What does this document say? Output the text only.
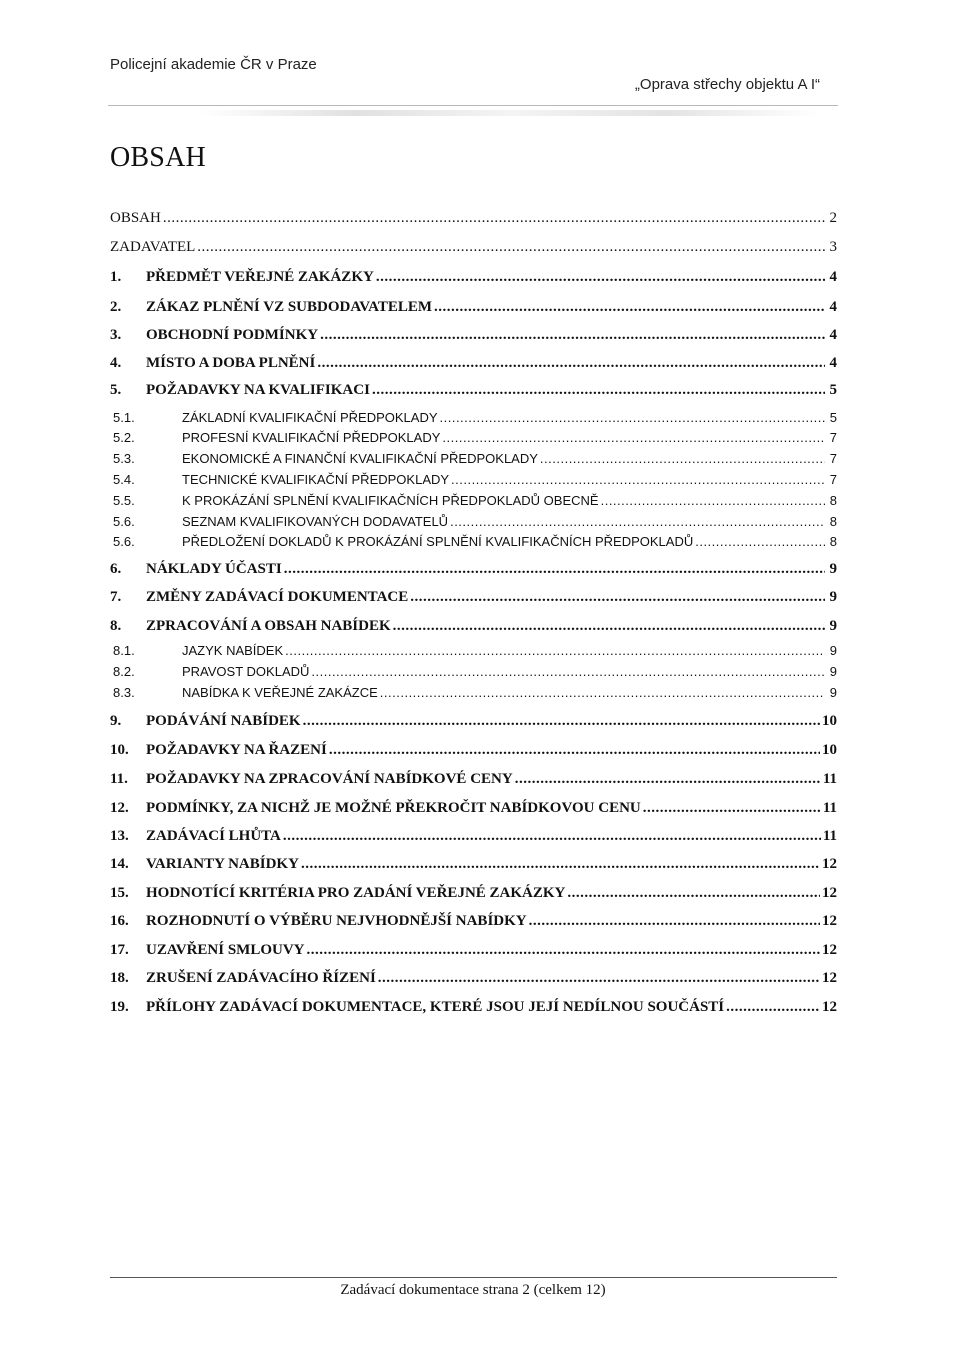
Policejní akademie ČR v Praze
„Oprava střechy objektu A I“
OBSAH
OBSAH .....	2
ZADAVATEL .....	3
1.	PŘEDMĚT VEŘEJNÉ ZAKÁZKY .....	4
2.	ZÁKAZ PLNĚNÍ VZ SUBDODAVATELEM .....	4
3.	OBCHODNÍ PODMÍNKY .....	4
4.	MÍSTO A DOBA PLNĚNÍ .....	4
5.	POŽADAVKY NA KVALIFIKACI .....	5
5.1.	ZÁKLADNÍ KVALIFIKAČNÍ PŘEDPOKLADY .....	5
5.2.	PROFESNÍ KVALIFIKAČNÍ PŘEDPOKLADY .....	7
5.3.	EKONOMICKÉ A FINANČNÍ KVALIFIKAČNÍ PŘEDPOKLADY .....	7
5.4.	TECHNICKÉ KVALIFIKAČNÍ PŘEDPOKLADY .....	7
5.5.	K PROKÁZÁNÍ SPLNĚNÍ KVALIFIKAČNÍCH PŘEDPOKLADŮ OBECNĚ .....	8
5.6.	SEZNAM KVALIFIKOVANÝCH DODAVATELŮ .....	8
5.6.	PŘEDLOŽENÍ DOKLADŮ K PROKÁZÁNÍ SPLNĚNÍ KVALIFIKAČNÍCH PŘEDPOKLADŮ .....	8
6.	NÁKLADY ÚČASTI .....	9
7.	ZMĚNY ZADÁVACÍ DOKUMENTACE .....	9
8.	ZPRACOVÁNÍ A OBSAH NABÍDEK .....	9
8.1.	JAZYK NABÍDEK .....	9
8.2.	PRAVOST DOKLADŮ .....	9
8.3.	NABÍDKA K VEŘEJNÉ ZAKÁZCE .....	9
9.	PODÁVÁNÍ NABÍDEK .....	10
10.	POŽADAVKY NA ŘAZENÍ .....	10
11.	POŽADAVKY NA ZPRACOVÁNÍ NABÍDKOVÉ CENY .....	11
12.	PODMÍNKY, ZA NICHŽ JE MOŽNÉ PŘEKROČIT NABÍDKOVOU CENU .....	11
13.	ZADÁVACÍ LHŮTA .....	11
14.	VARIANTY NABÍDKY .....	12
15.	HODNOTÍCÍ KRITÉRIA PRO ZADÁNÍ VEŘEJNÉ ZAKÁZKY .....	12
16.	ROZHODNUTÍ O VÝBĚRU NEJVHODNĚJŠÍ NABÍDKY .....	12
17.	UZAVŘENÍ SMLOUVY .....	12
18.	ZRUŠENÍ ZADÁVACÍHO ŘÍZENÍ .....	12
19.	PŘÍLOHY ZADÁVACÍ DOKUMENTACE, KTERÉ JSOU JEJÍ NEDÍLNOU SOUČÁSTÍ .....	12
Zadávací dokumentace strana 2 (celkem 12)
